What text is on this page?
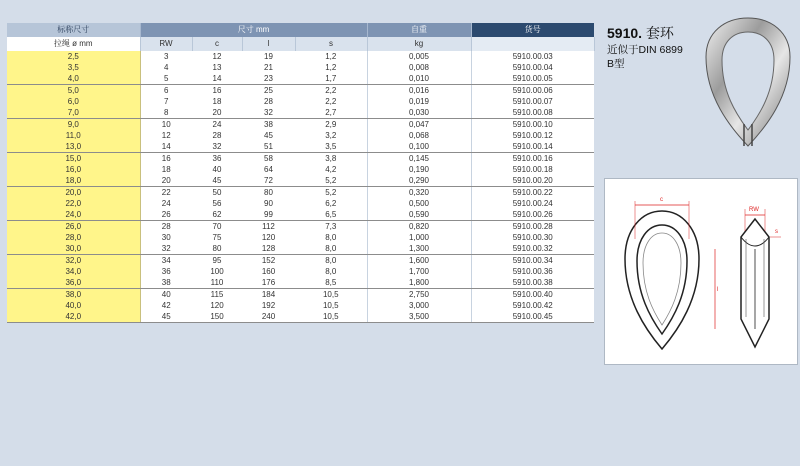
标称尺寸	尺寸 mm				自重	货号
拉绳 ø mm	RW	c	l	s	kg	
2,5	3	12	19	1,2	0,005	5910.00.03
3,5	4	13	21	1,2	0,008	5910.00.04
4,0	5	14	23	1,7	0,010	5910.00.05
5,0	6	16	25	2,2	0,016	5910.00.06
6,0	7	18	28	2,2	0,019	5910.00.07
7,0	8	20	32	2,7	0,030	5910.00.08
9,0	10	24	38	2,9	0,047	5910.00.10
11,0	12	28	45	3,2	0,068	5910.00.12
13,0	14	32	51	3,5	0,100	5910.00.14
15,0	16	36	58	3,8	0,145	5910.00.16
16,0	18	40	64	4,2	0,190	5910.00.18
18,0	20	45	72	5,2	0,290	5910.00.20
20,0	22	50	80	5,2	0,320	5910.00.22
22,0	24	56	90	6,2	0,500	5910.00.24
24,0	26	62	99	6,5	0,590	5910.00.26
26,0	28	70	112	7,3	0,820	5910.00.28
28,0	30	75	120	8,0	1,000	5910.00.30
30,0	32	80	128	8,0	1,300	5910.00.32
32,0	34	95	152	8,0	1,600	5910.00.34
34,0	36	100	160	8,0	1,700	5910.00.36
36,0	38	110	176	8,5	1,800	5910.00.38
38,0	40	115	184	10,5	2,750	5910.00.40
40,0	42	120	192	10,5	3,000	5910.00.42
42,0	45	150	240	10,5	3,500	5910.00.45
5910. 套环
近似于DIN 6899
B型
c
l
RW
s
